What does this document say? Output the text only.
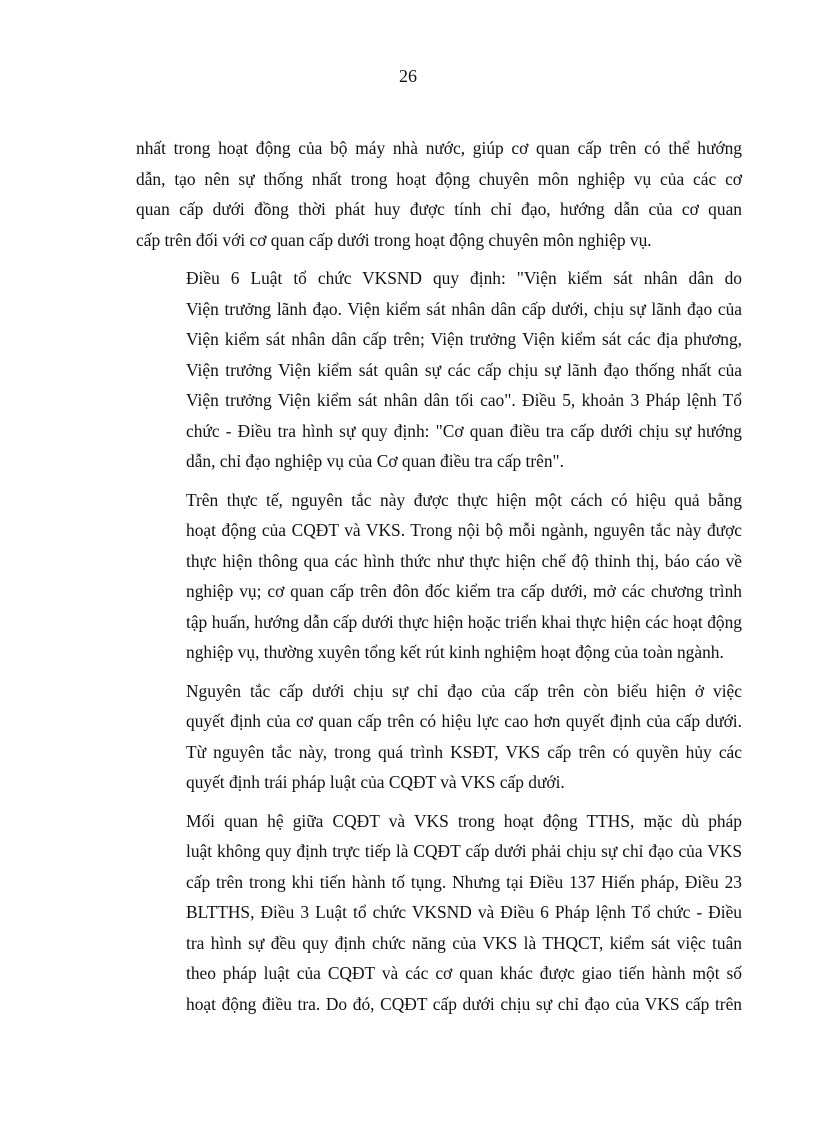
26

nhất trong hoạt động của bộ máy nhà nước, giúp cơ quan cấp trên có thể hướng
dẫn, tạo nên sự thống nhất trong hoạt động chuyên môn nghiệp vụ của các cơ
quan cấp dưới đồng thời phát huy được tính chỉ đạo, hướng dẫn của cơ quan
cấp trên đối với cơ quan cấp dưới trong hoạt động chuyên môn nghiệp vụ.

Điều 6 Luật tổ chức VKSND quy định: "Viện kiểm sát nhân dân do
Viện trưởng lãnh đạo. Viện kiểm sát nhân dân cấp dưới, chịu sự lãnh đạo của
Viện kiểm sát nhân dân cấp trên; Viện trưởng Viện kiểm sát các địa phương,
Viện trưởng Viện kiểm sát quân sự các cấp chịu sự lãnh đạo thống nhất của
Viện trưởng Viện kiểm sát nhân dân tối cao". Điều 5, khoản 3 Pháp lệnh Tổ
chức - Điều tra hình sự quy định: "Cơ quan điều tra cấp dưới chịu sự hướng
dẫn, chỉ đạo nghiệp vụ của Cơ quan điều tra cấp trên".

Trên thực tế, nguyên tắc này được thực hiện một cách có hiệu quả bằng
hoạt động của CQĐT và VKS. Trong nội bộ mỗi ngành, nguyên tắc này được
thực hiện thông qua các hình thức như thực hiện chế độ thỉnh thị, báo cáo về
nghiệp vụ; cơ quan cấp trên đôn đốc kiểm tra cấp dưới, mở các chương trình
tập huấn, hướng dẫn cấp dưới thực hiện hoặc triển khai thực hiện các hoạt động
nghiệp vụ, thường xuyên tổng kết rút kinh nghiệm hoạt động của toàn ngành.

Nguyên tắc cấp dưới chịu sự chỉ đạo của cấp trên còn biểu hiện ở việc
quyết định của cơ quan cấp trên có hiệu lực cao hơn quyết định của cấp dưới.
Từ nguyên tắc này, trong quá trình KSĐT, VKS cấp trên có quyền hủy các
quyết định trái pháp luật của CQĐT và VKS cấp dưới.

Mối quan hệ giữa CQĐT và VKS trong hoạt động TTHS, mặc dù pháp
luật không quy định trực tiếp là CQĐT cấp dưới phải chịu sự chỉ đạo của VKS
cấp trên trong khi tiến hành tố tụng. Nhưng tại Điều 137 Hiến pháp, Điều 23
BLTTHS, Điều 3 Luật tổ chức VKSND và Điều 6 Pháp lệnh Tổ chức - Điều
tra hình sự đều quy định chức năng của VKS là THQCT, kiểm sát việc tuân
theo pháp luật của CQĐT và các cơ quan khác được giao tiến hành một số
hoạt động điều tra. Do đó, CQĐT cấp dưới chịu sự chỉ đạo của VKS cấp trên
